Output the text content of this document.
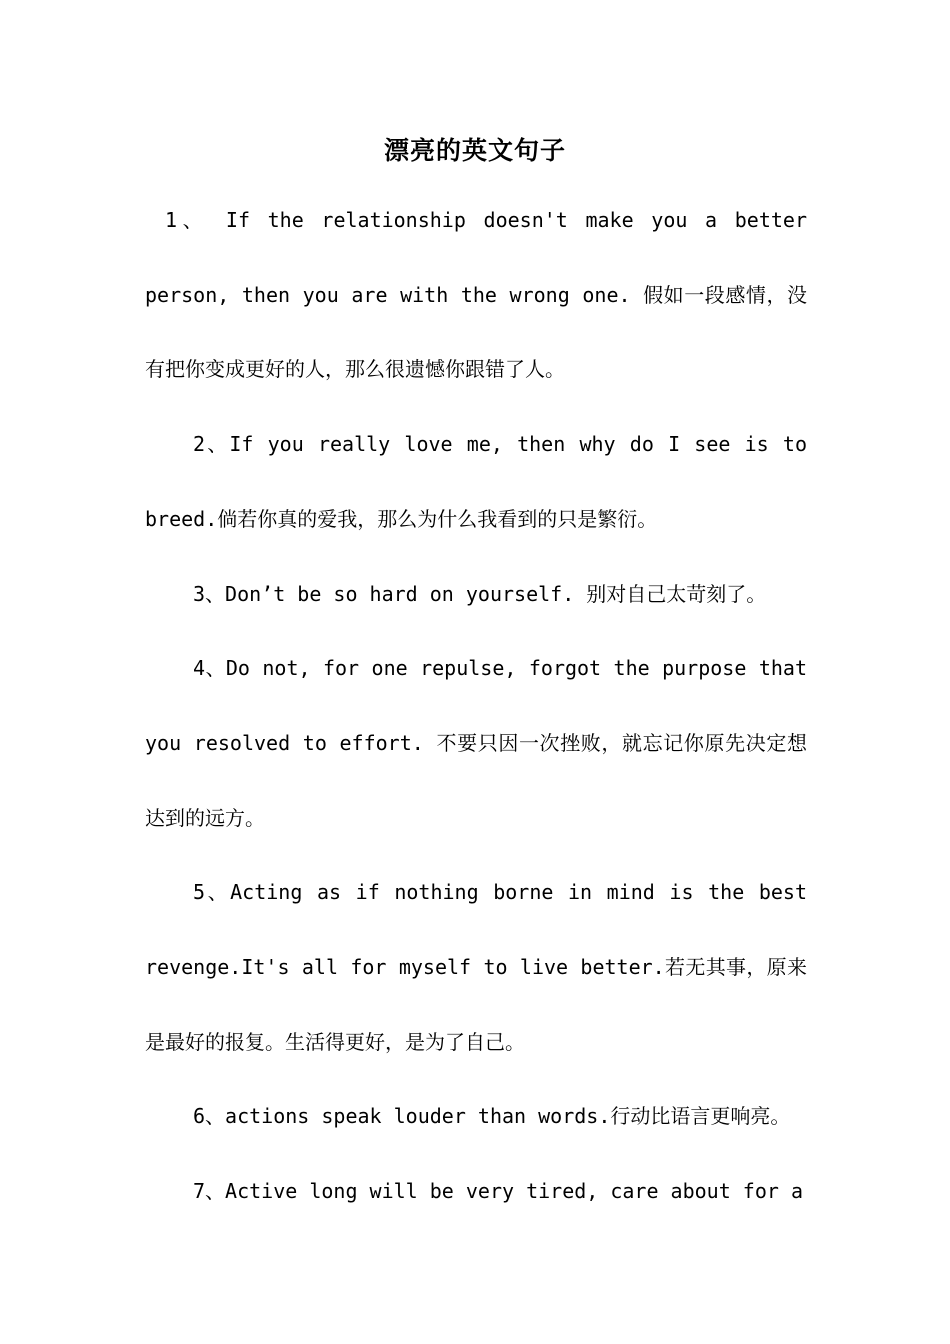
漂亮的英文句子

1、 If the relationship doesn't make you a better person, then you are with the wrong one. 假如一段感情，没有把你变成更好的人，那么很遗憾你跟错了人。

2、If you really love me, then why do I see is to breed.倘若你真的爱我，那么为什么我看到的只是繁衍。

3、Don’t be so hard on yourself. 别对自己太苛刻了。

4、Do not, for one repulse, forgot the purpose that you resolved to effort. 不要只因一次挫败，就忘记你原先决定想达到的远方。

5、Acting as if nothing borne in mind is the best revenge.It's all for myself to live better.若无其事，原来是最好的报复。生活得更好，是为了自己。

6、actions speak louder than words.行动比语言更响亮。

7、Active long will be very tired, care about for a
